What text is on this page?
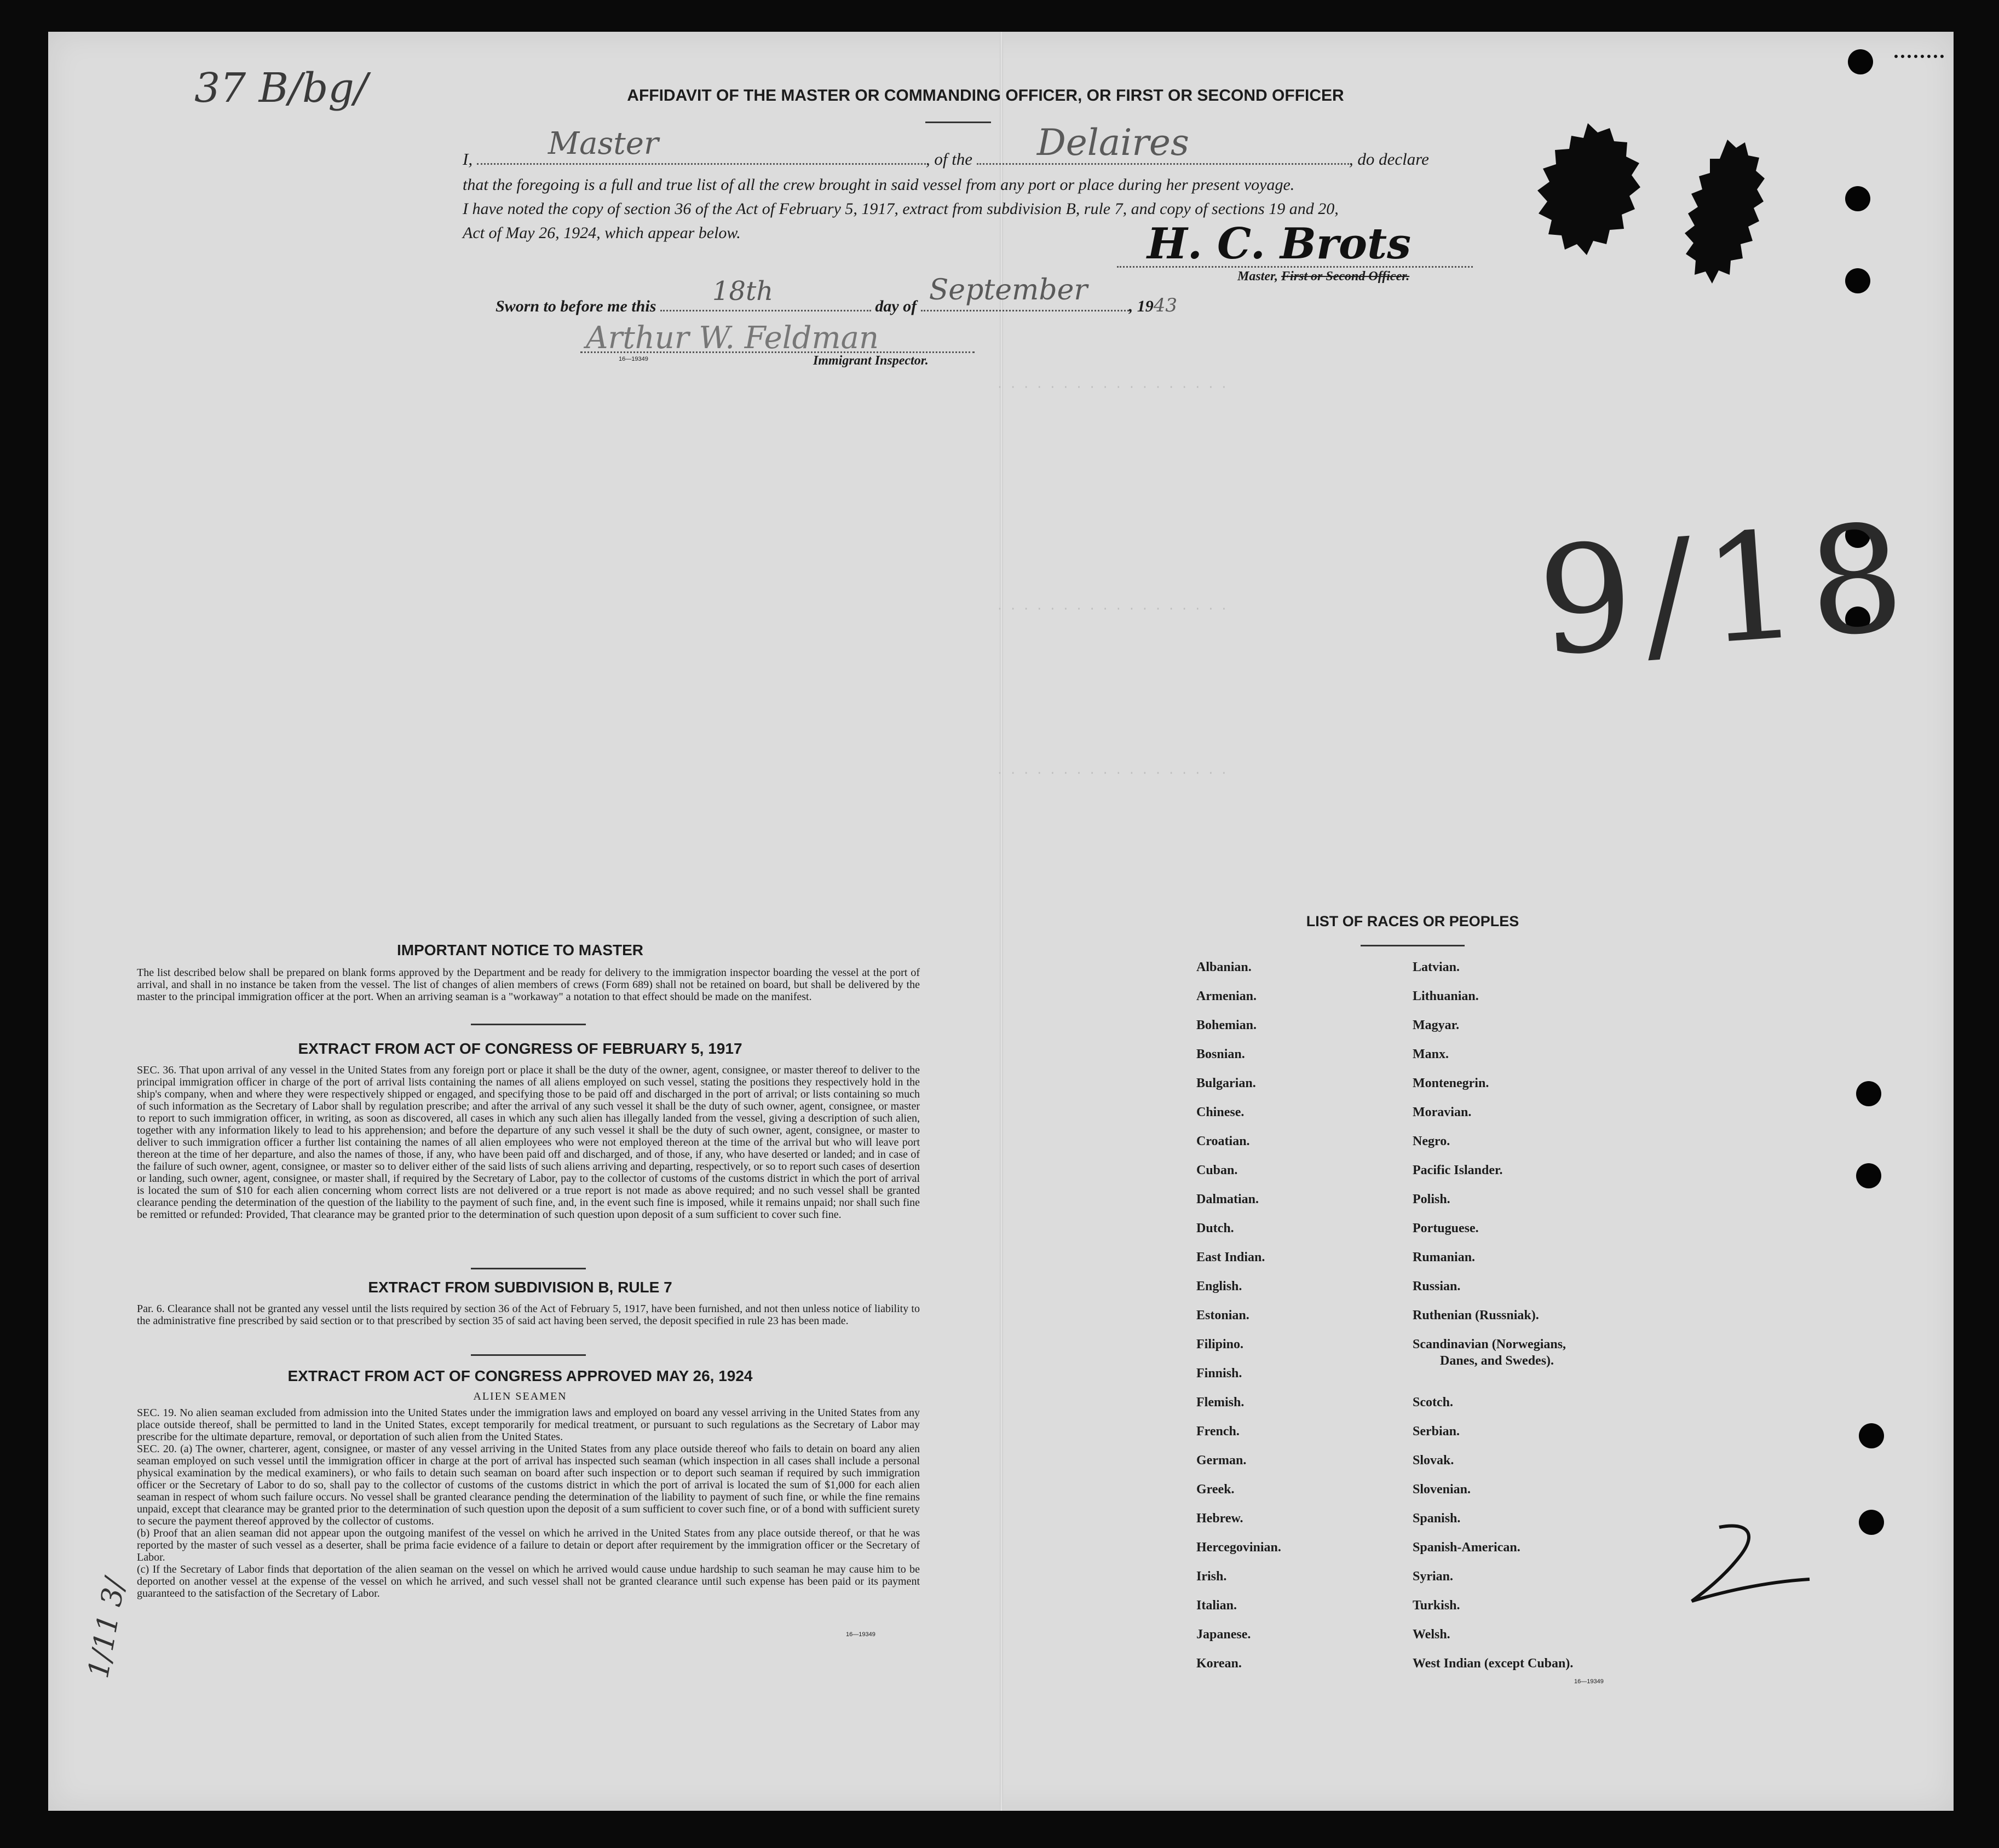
· · · · · · · · · · · · · · · · · ·
· · · · · · · · · · · · · · · · · ·
· · · · · · · · · · · · · · · · · ·
37 B/bg/	AFFIDAVIT OF THE MASTER OR COMMANDING OFFICER, OR FIRST OR SECOND OFFICER
I, Master	, of the Delaires	, do declare
that the foregoing is a full and true list of all the crew brought in said vessel from any port or place during her present voyage.
I have noted the copy of section 36 of the Act of February 5, 1917, extract from subdivision B, rule 7, and copy of sections 19 and 20,
Act of May 26, 1924, which appear below.	H. C. Brots
Master, First or Second Officer.
Sworn to before me this 18th	day of September	, 1943
Arthur W. Feldman
16—19349	Immigrant Inspector.
9/18
IMPORTANT NOTICE TO MASTER
The list described below shall be prepared on blank forms approved by the Department and be ready for delivery to the immigration inspector boarding the vessel at the port of arrival, and shall in no instance be taken from the vessel. The list of changes of alien members of crews (Form 689) shall not be retained on board, but shall be delivered by the master to the principal immigration officer at the port. When an arriving seaman is a "workaway" a notation to that effect should be made on the manifest.
EXTRACT FROM ACT OF CONGRESS OF FEBRUARY 5, 1917
SEC. 36. That upon arrival of any vessel in the United States from any foreign port or place it shall be the duty of the owner, agent, consignee, or master thereof to deliver to the principal immigration officer in charge of the port of arrival lists containing the names of all aliens employed on such vessel, stating the positions they respectively hold in the ship's company, when and where they were respectively shipped or engaged, and specifying those to be paid off and discharged in the port of arrival; or lists containing so much of such information as the Secretary of Labor shall by regulation prescribe; and after the arrival of any such vessel it shall be the duty of such owner, agent, consignee, or master to report to such immigration officer, in writing, as soon as discovered, all cases in which any such alien has illegally landed from the vessel, giving a description of such alien, together with any information likely to lead to his apprehension; and before the departure of any such vessel it shall be the duty of such owner, agent, consignee, or master to deliver to such immigration officer a further list containing the names of all alien employees who were not employed thereon at the time of the arrival but who will leave port thereon at the time of her departure, and also the names of those, if any, who have been paid off and discharged, and of those, if any, who have deserted or landed; and in case of the failure of such owner, agent, consignee, or master so to deliver either of the said lists of such aliens arriving and departing, respectively, or so to report such cases of desertion or landing, such owner, agent, consignee, or master shall, if required by the Secretary of Labor, pay to the collector of customs of the customs district in which the port of arrival is located the sum of $10 for each alien concerning whom correct lists are not delivered or a true report is not made as above required; and no such vessel shall be granted clearance pending the determination of the question of the liability to the payment of such fine, and, in the event such fine is imposed, while it remains unpaid; nor shall such fine be remitted or refunded: Provided, That clearance may be granted prior to the determination of such question upon deposit of a sum sufficient to cover such fine.
EXTRACT FROM SUBDIVISION B, RULE 7
Par. 6. Clearance shall not be granted any vessel until the lists required by section 36 of the Act of February 5, 1917, have been furnished, and not then unless notice of liability to the administrative fine prescribed by said section or to that prescribed by section 35 of said act having been served, the deposit specified in rule 23 has been made.
EXTRACT FROM ACT OF CONGRESS APPROVED MAY 26, 1924
ALIEN SEAMEN
SEC. 19. No alien seaman excluded from admission into the United States under the immigration laws and employed on board any vessel arriving in the United States from any place outside thereof, shall be permitted to land in the United States, except temporarily for medical treatment, or pursuant to such regulations as the Secretary of Labor may prescribe for the ultimate departure, removal, or deportation of such alien from the United States.
SEC. 20. (a) The owner, charterer, agent, consignee, or master of any vessel arriving in the United States from any place outside thereof who fails to detain on board any alien seaman employed on such vessel until the immigration officer in charge at the port of arrival has inspected such seaman (which inspection in all cases shall include a personal physical examination by the medical examiners), or who fails to detain such seaman on board after such inspection or to deport such seaman if required by such immigration officer or the Secretary of Labor to do so, shall pay to the collector of customs of the customs district in which the port of arrival is located the sum of $1,000 for each alien seaman in respect of whom such failure occurs. No vessel shall be granted clearance pending the determination of the liability to payment of such fine, or while the fine remains unpaid, except that clearance may be granted prior to the determination of such question upon the deposit of a sum sufficient to cover such fine, or of a bond with sufficient surety to secure the payment thereof approved by the collector of customs.
(b) Proof that an alien seaman did not appear upon the outgoing manifest of the vessel on which he arrived in the United States from any place outside thereof, or that he was reported by the master of such vessel as a deserter, shall be prima facie evidence of a failure to detain or deport after requirement by the immigration officer or the Secretary of Labor.
(c) If the Secretary of Labor finds that deportation of the alien seaman on the vessel on which he arrived would cause undue hardship to such seaman he may cause him to be deported on another vessel at the expense of the vessel on which he arrived, and such vessel shall not be granted clearance until such expense has been paid or its payment guaranteed to the satisfaction of the Secretary of Labor.
16—19349
LIST OF RACES OR PEOPLES
Albanian.
Armenian.
Bohemian.
Bosnian.
Bulgarian.
Chinese.
Croatian.
Cuban.
Dalmatian.
Dutch.
East Indian.
English.
Estonian.
Filipino.
Finnish.
Flemish.
French.
German.
Greek.
Hebrew.
Hercegovinian.
Irish.
Italian.
Japanese.
Korean.
Latvian.
Lithuanian.
Magyar.
Manx.
Montenegrin.
Moravian.
Negro.
Pacific Islander.
Polish.
Portuguese.
Rumanian.
Russian.
Ruthenian (Russniak).
Scandinavian (Norwegians,
Danes, and Swedes).
Scotch.
Serbian.
Slovak.
Slovenian.
Spanish.
Spanish-American.
Syrian.
Turkish.
Welsh.
West Indian (except Cuban).
16—19349
1/11 3/
